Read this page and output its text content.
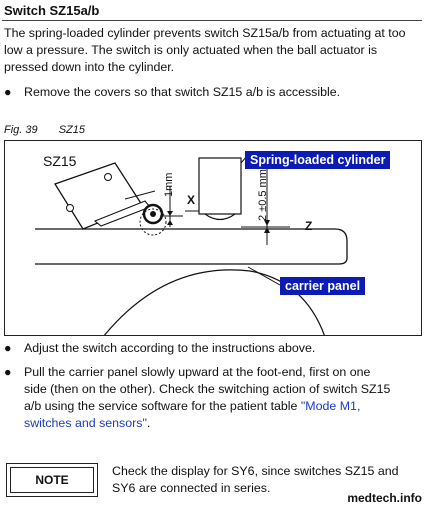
Switch SZ15a/b
The spring-loaded cylinder prevents switch SZ15a/b from actuating at too low a pressure. The switch is only actuated when the ball actuator is pressed down into the cylinder.
● Remove the covers so that switch SZ15 a/b is accessible.
Fig. 39 SZ15
SZ15	Spring-loaded cylinder
1mm
X	2 ±0.5 mm
Z
carrier panel
● Adjust the switch according to the instructions above.
● Pull the carrier panel slowly upward at the foot-end, first on one
side (then on the other). Check the switching action of switch SZ15
a/b using the service software for the patient table "Mode M1,
switches and sensors".
NOTE
Check the display for SY6, since switches SZ15 and SY6 are connected in series.
medtech.info
